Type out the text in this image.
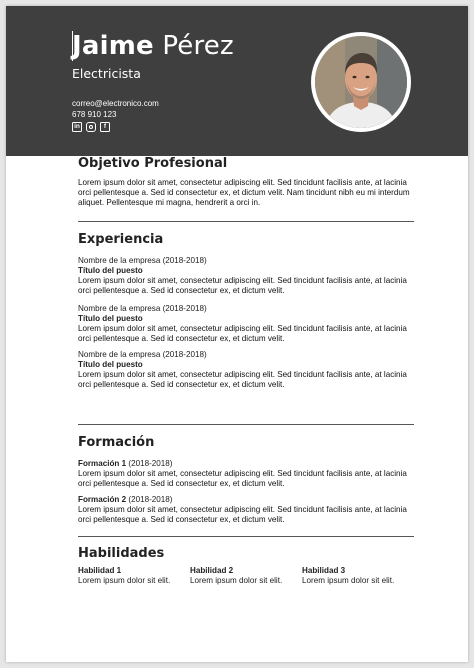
Jaime Pérez
Electricista
correo@electronico.com
678 910 123
in	f
Objetivo Profesional
Lorem ipsum dolor sit amet, consectetur adipiscing elit. Sed tincidunt facilisis ante, at lacinia orci pellentesque a. Sed id consectetur ex, et dictum velit. Nam tincidunt nibh eu mi interdum aliquet. Pellentesque mi magna, hendrerit a orci in.
Experiencia
Nombre de la empresa (2018-2018)
Título del puesto
Lorem ipsum dolor sit amet, consectetur adipiscing elit. Sed tincidunt facilisis ante, at lacinia orci pellentesque a. Sed id consectetur ex, et dictum velit.
Nombre de la empresa (2018-2018)
Título del puesto
Lorem ipsum dolor sit amet, consectetur adipiscing elit. Sed tincidunt facilisis ante, at lacinia orci pellentesque a. Sed id consectetur ex, et dictum velit.
Nombre de la empresa (2018-2018)
Título del puesto
Lorem ipsum dolor sit amet, consectetur adipiscing elit. Sed tincidunt facilisis ante, at lacinia orci pellentesque a. Sed id consectetur ex, et dictum velit.
Formación
Formación 1 (2018-2018)
Lorem ipsum dolor sit amet, consectetur adipiscing elit. Sed tincidunt facilisis ante, at lacinia orci pellentesque a. Sed id consectetur ex, et dictum velit.
Formación 2 (2018-2018)
Lorem ipsum dolor sit amet, consectetur adipiscing elit. Sed tincidunt facilisis ante, at lacinia orci pellentesque a. Sed id consectetur ex, et dictum velit.
Habilidades
Habilidad 1
Lorem ipsum dolor sit elit.
Habilidad 2
Lorem ipsum dolor sit elit.
Habilidad 3
Lorem ipsum dolor sit elit.
